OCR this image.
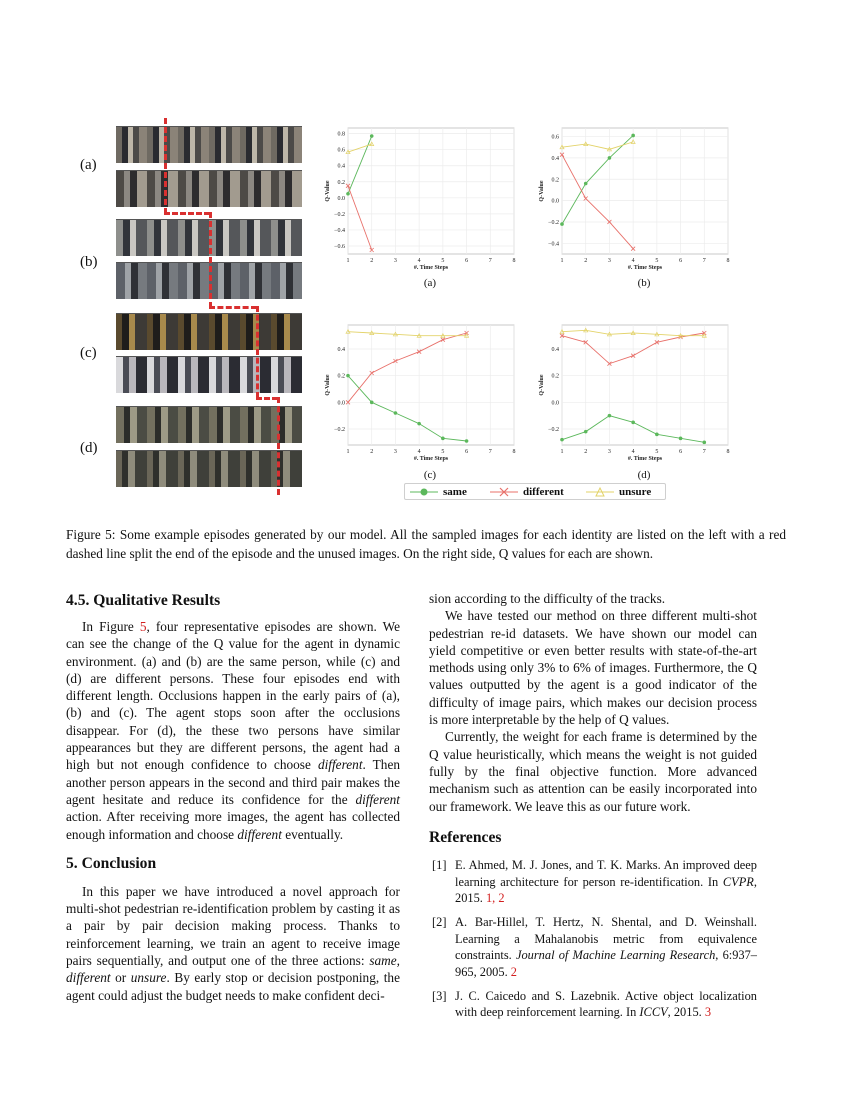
(a)
(b)
(c)
(d)
1	2	3	4	5	6	7	8
−0.6
−0.4
−0.2
0.0
0.2
0.4
0.6
0.8
#. Time Steps
Q-Value
1	2	3	4	5	6	7	8
−0.4
−0.2
0.0
0.2
0.4
0.6
#. Time Steps
Q-Value
1	2	3	4	5	6	7	8
−0.2
0.0
0.2
0.4
#. Time Steps
Q-Value
1	2	3	4	5	6	7	8
−0.2
0.0
0.2
0.4
#. Time Steps
Q-Value
(a)	(b)
(c)	(d)
same	different	unsure

Figure 5: Some example episodes generated by our model. All the sampled images for each identity are listed on the left with a red dashed line split the end of the episode and the unused images. On the right side, Q values for each are shown.

4.5. Qualitative Results

In Figure 5, four representative episodes are shown. We can see the change of the Q value for the agent in dynamic environment. (a) and (b) are the same person, while (c) and (d) are different persons. These four episodes end with different length. Occlusions happen in the early pairs of (a), (b) and (c). The agent stops soon after the occlusions disappear. For (d), the these two persons have similar appearances but they are different persons, the agent had a high but not enough confidence to choose different. Then another person appears in the second and third pair makes the agent hesitate and reduce its confidence for the different action. After receiving more images, the agent has collected enough information and choose different eventually.

5. Conclusion

In this paper we have introduced a novel approach for multi-shot pedestrian re-identification problem by casting it as a pair by pair decision making process. Thanks to reinforcement learning, we train an agent to receive image pairs sequentially, and output one of the three actions: same, different or unsure. By early stop or decision postponing, the agent could adjust the budget needs to make confident deci-

sion according to the difficulty of the tracks.

We have tested our method on three different multi-shot pedestrian re-id datasets. We have shown our model can yield competitive or even better results with state-of-the-art methods using only 3% to 6% of images. Furthermore, the Q values outputted by the agent is a good indicator of the difficulty of image pairs, which makes our decision process is more interpretable by the help of Q values.

Currently, the weight for each frame is determined by the Q value heuristically, which means the weight is not guided fully by the final objective function. More advanced mechanism such as attention can be easily incorporated into our framework. We leave this as our future work.

References
[1] E. Ahmed, M. J. Jones, and T. K. Marks. An improved deep learning architecture for person re-identification. In CVPR, 2015. 1, 2
[2] A. Bar-Hillel, T. Hertz, N. Shental, and D. Weinshall. Learning a Mahalanobis metric from equivalence constraints. Journal of Machine Learning Research, 6:937–965, 2005. 2
[3] J. C. Caicedo and S. Lazebnik. Active object localization with deep reinforcement learning. In ICCV, 2015. 3
